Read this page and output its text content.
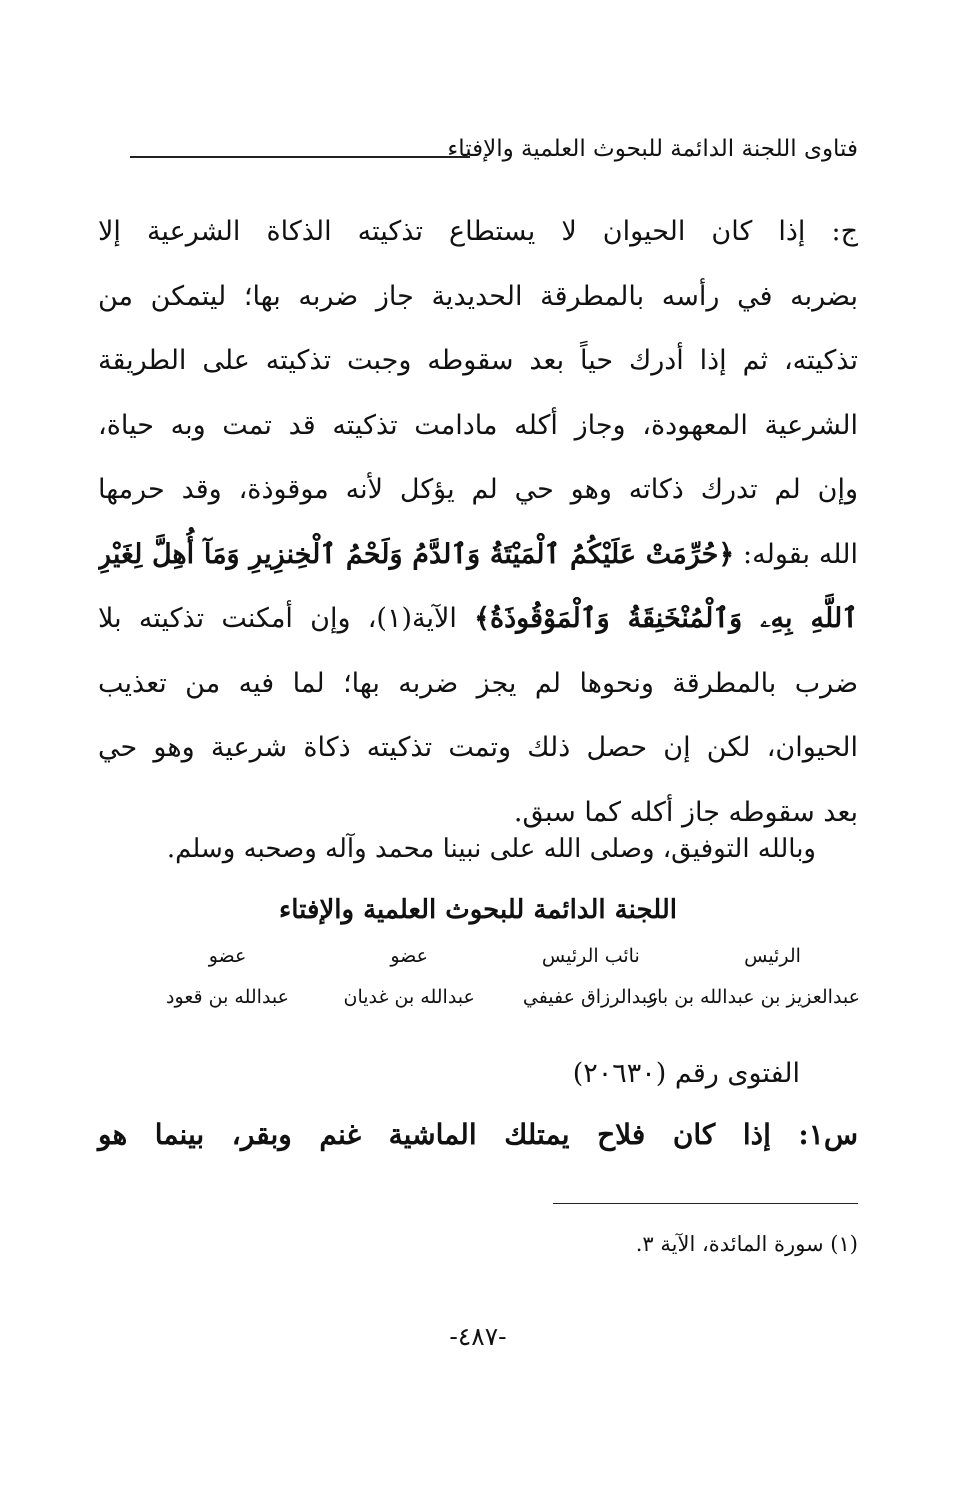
فتاوى اللجنة الدائمة للبحوث العلمية والإفتاء
ج: إذا كان الحيوان لا يستطاع تذكيته الذكاة الشرعية إلا
بضربه في رأسه بالمطرقة الحديدية جاز ضربه بها؛ ليتمكن من
تذكيته، ثم إذا أدرك حياً بعد سقوطه وجبت تذكيته على الطريقة
الشرعية المعهودة، وجاز أكله مادامت تذكيته قد تمت وبه حياة،
وإن لم تدرك ذكاته وهو حي لم يؤكل لأنه موقوذة، وقد حرمها
الله بقوله: ﴿حُرِّمَتْ عَلَيْكُمُ ٱلْمَيْتَةُ وَٱلدَّمُ وَلَحْمُ ٱلْخِنزِيرِ وَمَآ أُهِلَّ لِغَيْرِ
ٱللَّهِ بِهِۦ وَٱلْمُنْخَنِقَةُ وَٱلْمَوْقُوذَةُ﴾ الآية(١)، وإن أمكنت تذكيته بلا
ضرب بالمطرقة ونحوها لم يجز ضربه بها؛ لما فيه من تعذيب
الحيوان، لكن إن حصل ذلك وتمت تذكيته ذكاة شرعية وهو حي
بعد سقوطه جاز أكله كما سبق.
وبالله التوفيق، وصلى الله على نبينا محمد وآله وصحبه وسلم.
اللجنة الدائمة للبحوث العلمية والإفتاء
الرئيس
نائب الرئيس
عضو
عضو
عبدالعزيز بن عبدالله بن باز
عبدالرزاق عفيفي
عبدالله بن غديان
عبدالله بن قعود
الفتوى رقم (٢٠٦٣٠)
س١: إذا كان فلاح يمتلك الماشية غنم وبقر، بينما هو
(١) سورة المائدة، الآية ٣.
-٤٨٧-
